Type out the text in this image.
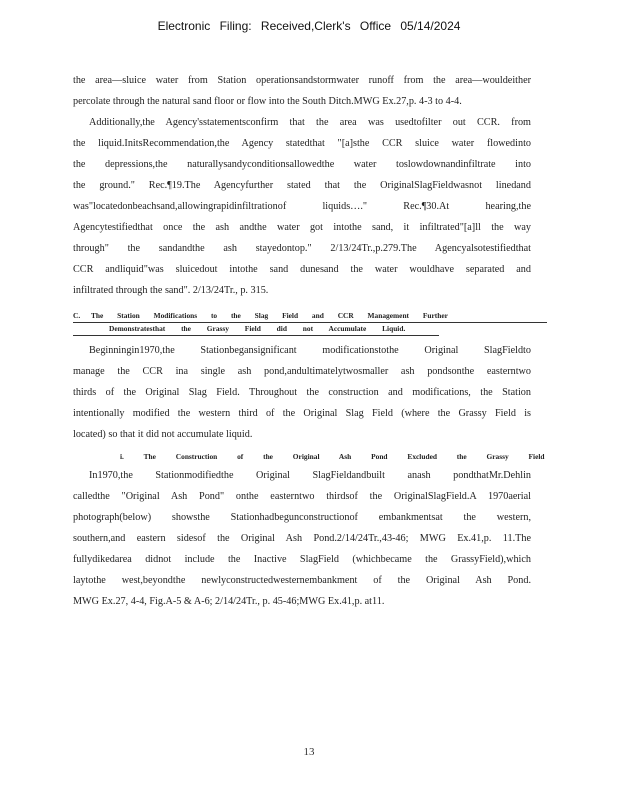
Electronic Filing: Received,Clerk's Office 05/14/2024

the area—sluice water from Station operationsandstormwater runoff from the area—wouldeither

percolate through the natural sand floor or flow into the South Ditch.MWG Ex.27,p. 4-3 to 4-4.

Additionally,the Agency'sstatementsconfirm that the area was usedtofilter out CCR. from

the liquid.InitsRecommendation,the Agency statedthat "[a]sthe CCR sluice water flowedinto

the depressions,the naturallysandyconditionsallowedthe water toslowdownandinfiltrate into

the ground." Rec.¶19.The Agencyfurther stated that the OriginalSlagFieldwasnot linedand

was"locatedonbeachsand,allowingrapidinfiltrationof liquids…." Rec.¶30.At hearing,the

Agencytestifiedthat once the ash andthe water got intothe sand, it infiltrated"[a]ll the way

through" the sandandthe ash stayedontop." 2/13/24Tr.,p.279.The Agencyalsotestifiedthat

CCR andliquid"was sluicedout intothe sand dunesand the water wouldhave separated and

infiltrated through the sand". 2/13/24Tr., p. 315.

C.	The Station Modifications to the Slag Field and CCR Management Further
Demonstratesthat the Grassy Field did not Accumulate Liquid.

Beginningin1970,the Stationbegansignificant modificationstothe Original SlagFieldto

manage the CCR ina single ash pond,andultimatelytwosmaller ash pondsonthe easterntwo

thirds of the Original Slag Field. Throughout the construction and modifications, the Station

intentionally modified the western third of the Original Slag Field (where the Grassy Field is

located) so that it did not accumulate liquid.

i. The Construction of the Original Ash Pond Excluded the Grassy Field

In1970,the Stationmodifiedthe Original SlagFieldandbuilt anash pondthatMr.Dehlin

calledthe "Original Ash Pond" onthe easterntwo thirdsof the OriginalSlagField.A 1970aerial

photograph(below) showsthe Stationhadbegunconstructionof embankmentsat the western,

southern,and eastern sidesof the Original Ash Pond.2/14/24Tr.,43-46; MWG Ex.41,p. 11.The

fullydikedarea didnot include the Inactive SlagField (whichbecame the GrassyField),which

laytothe west,beyondthe newlyconstructedwesternembankment of the Original Ash Pond.

MWG Ex.27, 4-4, Fig.A-5 & A-6; 2/14/24Tr., p. 45-46;MWG Ex.41,p. at11.

13
